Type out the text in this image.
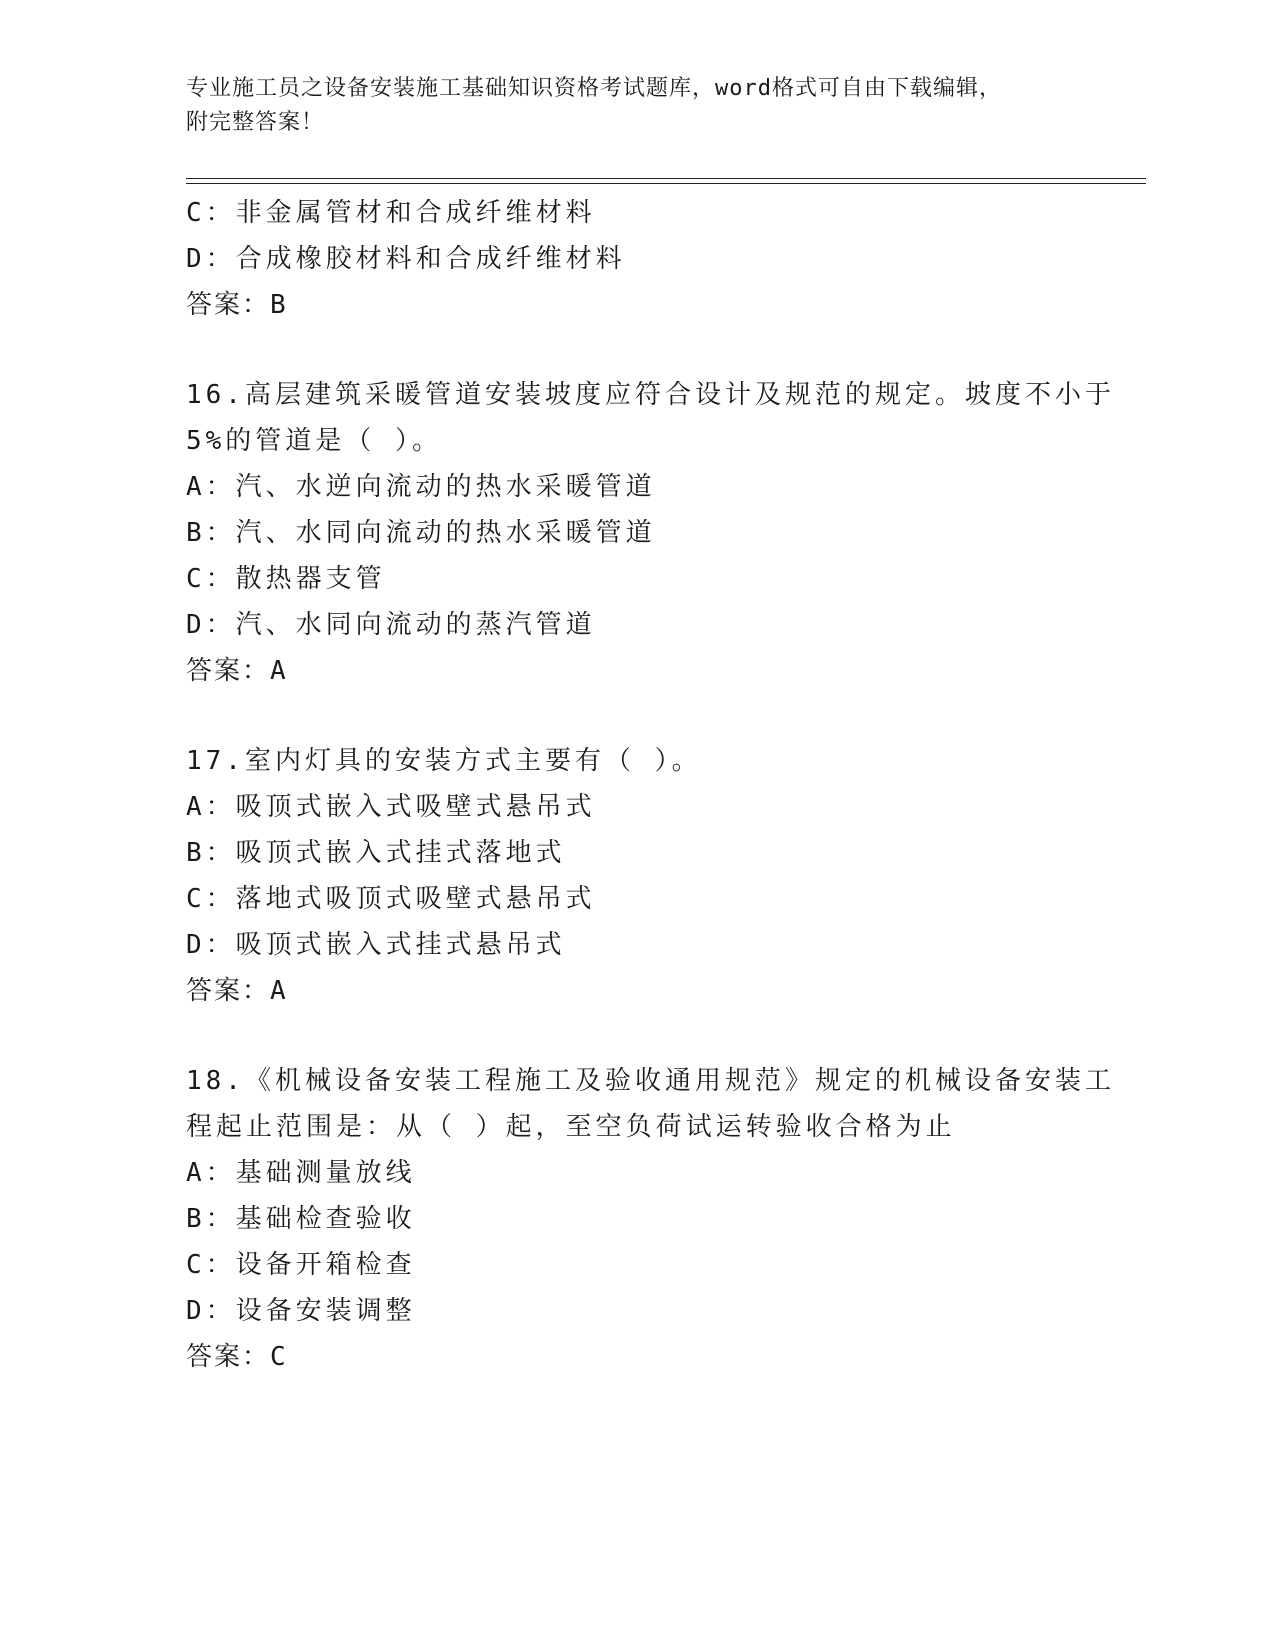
专业施工员之设备安装施工基础知识资格考试题库，word格式可自由下载编辑，
附完整答案！
C：非金属管材和合成纤维材料
D：合成橡胶材料和合成纤维材料
答案：B
16.高层建筑采暖管道安装坡度应符合设计及规范的规定。坡度不小于
5%的管道是（ ）。
A：汽、水逆向流动的热水采暖管道
B：汽、水同向流动的热水采暖管道
C：散热器支管
D：汽、水同向流动的蒸汽管道
答案：A
17.室内灯具的安装方式主要有（ ）。
A：吸顶式嵌入式吸壁式悬吊式
B：吸顶式嵌入式挂式落地式
C：落地式吸顶式吸壁式悬吊式
D：吸顶式嵌入式挂式悬吊式
答案：A
18.《机械设备安装工程施工及验收通用规范》规定的机械设备安装工
程起止范围是：从（ ）起，至空负荷试运转验收合格为止
A：基础测量放线
B：基础检查验收
C：设备开箱检查
D：设备安装调整
答案：C
